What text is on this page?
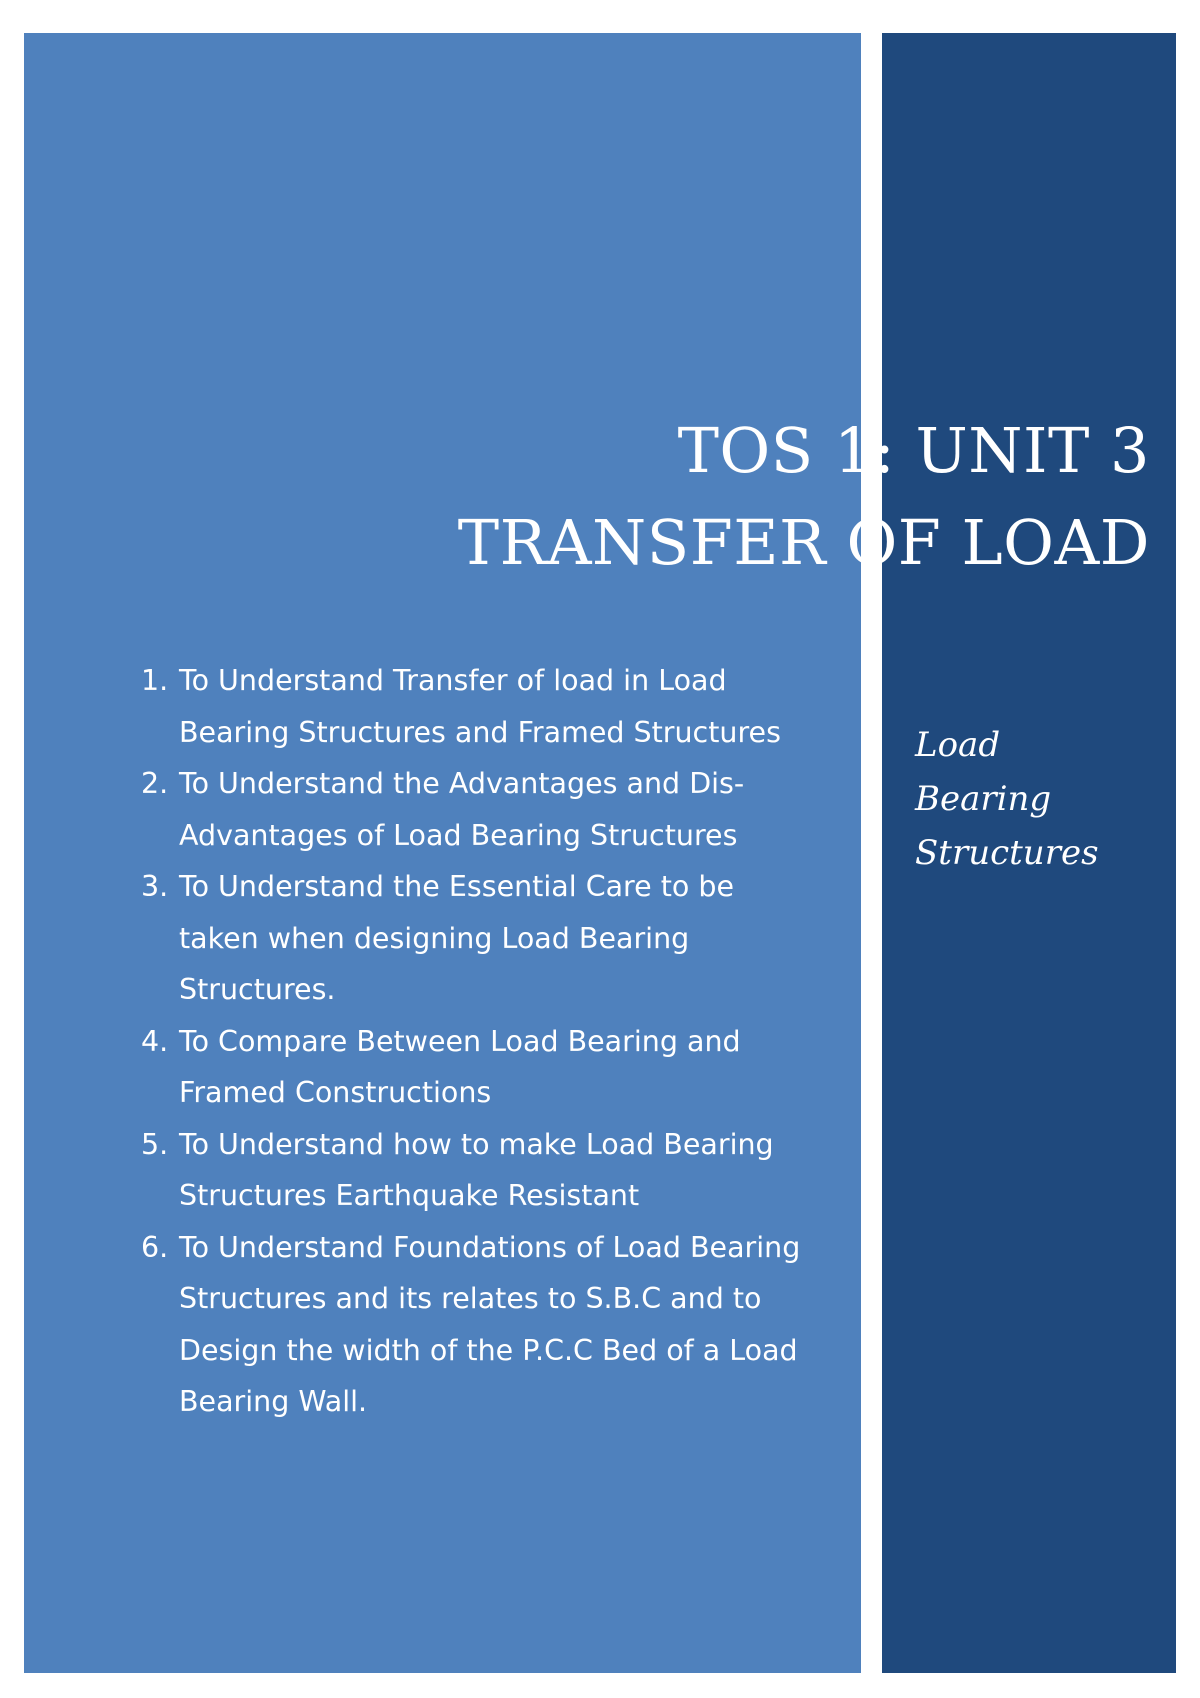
TOS 1: UNIT 3
TRANSFER OF LOAD
1. To Understand Transfer of load in Load Bearing Structures and Framed Structures
2. To Understand the Advantages and Dis-Advantages of Load Bearing Structures
3. To Understand the Essential Care to be taken when designing Load Bearing Structures.
4. To Compare Between Load Bearing and Framed Constructions
5. To Understand how to make Load Bearing Structures Earthquake Resistant
6. To Understand Foundations of Load Bearing Structures and its relates to S.B.C and to Design the width of the P.C.C Bed of a Load Bearing Wall.
Load
Bearing
Structures
